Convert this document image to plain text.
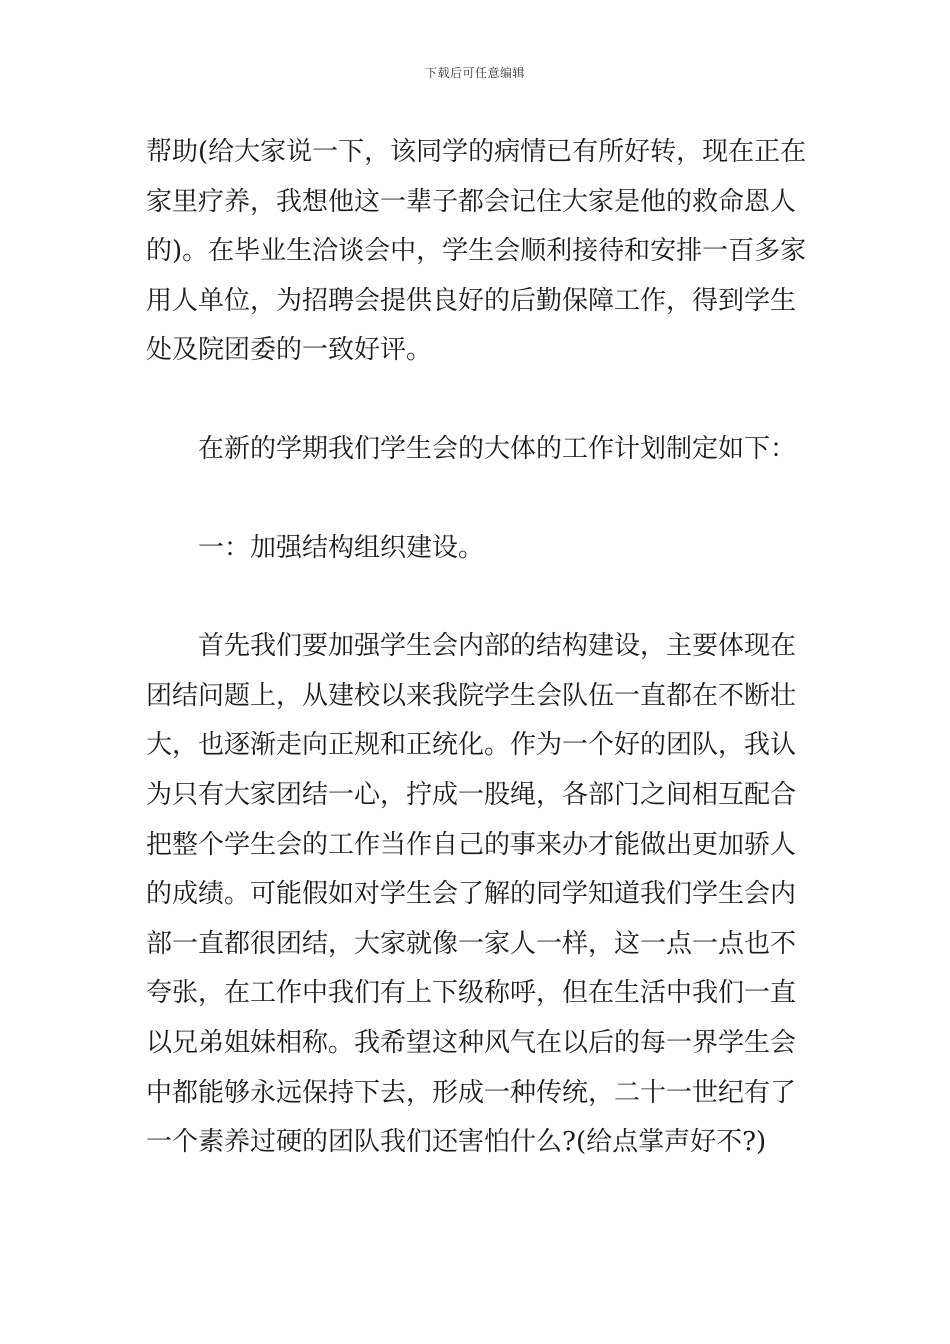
下载后可任意编辑
帮助(给大家说一下，该同学的病情已有所好转，现在正在
家里疗养，我想他这一辈子都会记住大家是他的救命恩人
的)。在毕业生洽谈会中，学生会顺利接待和安排一百多家
用人单位，为招聘会提供良好的后勤保障工作，得到学生
处及院团委的一致好评。
在新的学期我们学生会的大体的工作计划制定如下：
一：加强结构组织建设。
首先我们要加强学生会内部的结构建设，主要体现在
团结问题上，从建校以来我院学生会队伍一直都在不断壮
大，也逐渐走向正规和正统化。作为一个好的团队，我认
为只有大家团结一心，拧成一股绳，各部门之间相互配合
把整个学生会的工作当作自己的事来办才能做出更加骄人
的成绩。可能假如对学生会了解的同学知道我们学生会内
部一直都很团结，大家就像一家人一样，这一点一点也不
夸张，在工作中我们有上下级称呼，但在生活中我们一直
以兄弟姐妹相称。我希望这种风气在以后的每一界学生会
中都能够永远保持下去，形成一种传统，二十一世纪有了
一个素养过硬的团队我们还害怕什么?(给点掌声好不?)
